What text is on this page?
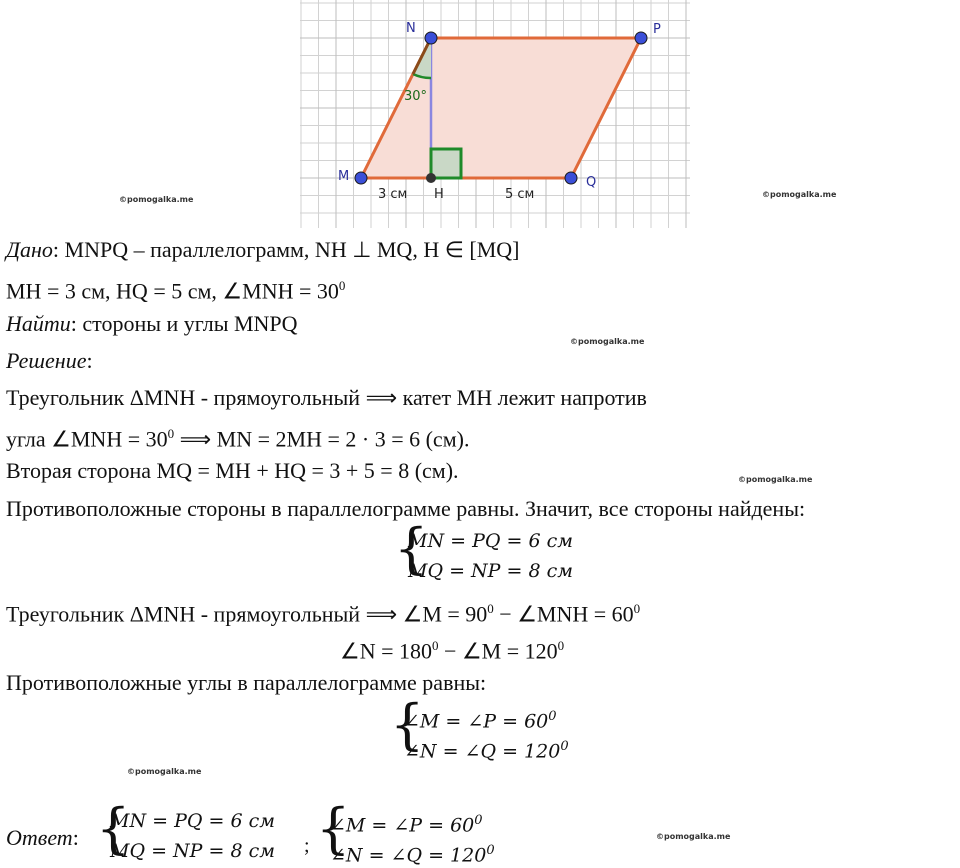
30°
N	P
M	Q
H
3 см	5 см
©pomogalka.me
©pomogalka.me
©pomogalka.me
©pomogalka.me
©pomogalka.me
©pomogalka.me
Дано: MNPQ – параллелограмм, NH ⊥ MQ, H ∈ [MQ]
MH = 3 см, HQ = 5 см, ∠MNH = $30^0$
Найти: стороны и углы MNPQ
Решение:
Треугольник ΔMNH - прямоугольный ⟹ катет MH лежит напротив
угла ∠MNH = $30^0$ ⟹ MN = 2MH = 2 · 3 = 6 (см).
Вторая сторона MQ = MH + HQ = 3 + 5 = 8 (см).
Противоположные стороны в параллелограмме равны. Значит, все стороны найдены:
{
MN = PQ = 6 см
MQ = NP = 8 см
Треугольник ΔMNH - прямоугольный ⟹ ∠M = $90^0$ − ∠MNH = $60^0$
∠N = $180^0$ − ∠M = $120^0$
Противоположные углы в параллелограмме равны:
{
∠M = ∠P = $60^0$
∠N = ∠Q = $120^0$
Ответ: {
MN = PQ = 6 см
MQ = NP = 8 см ; {
∠M = ∠P = $60^0$
∠N = ∠Q = $120^0$
